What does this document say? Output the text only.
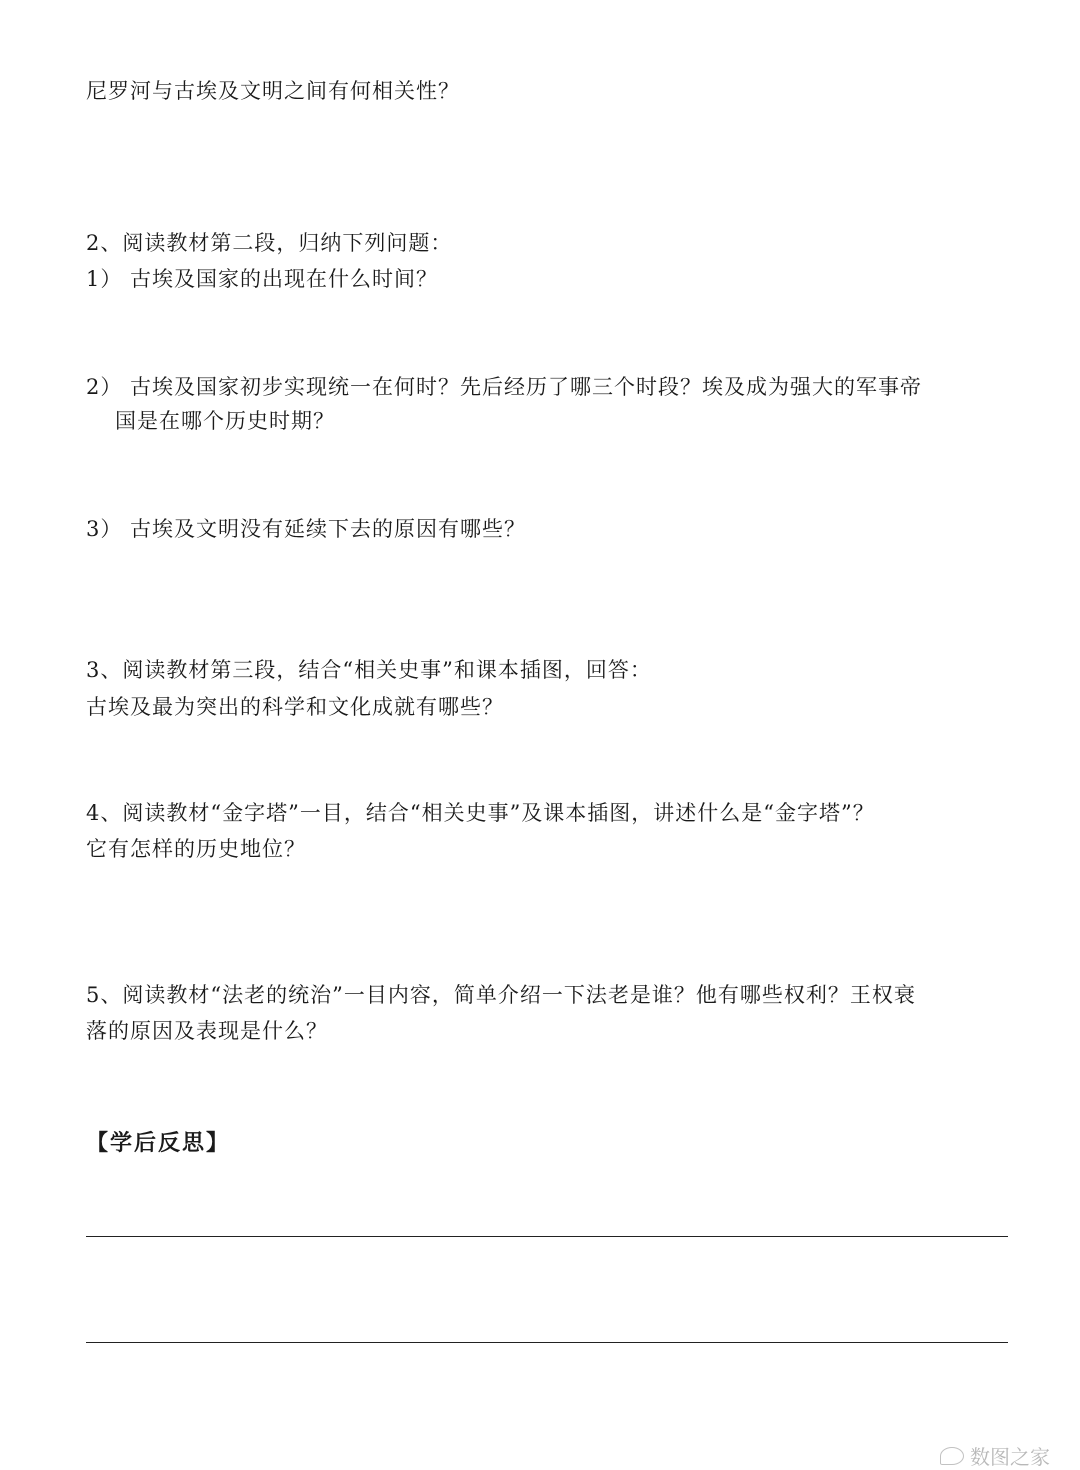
尼罗河与古埃及文明之间有何相关性？
2、阅读教材第二段，归纳下列问题：
1） 古埃及国家的出现在什么时间？
2） 古埃及国家初步实现统一在何时？先后经历了哪三个时段？埃及成为强大的军事帝
国是在哪个历史时期？
3） 古埃及文明没有延续下去的原因有哪些？
3、阅读教材第三段，结合“相关史事”和课本插图，回答：
古埃及最为突出的科学和文化成就有哪些？
4、阅读教材“金字塔”一目，结合“相关史事”及课本插图，讲述什么是“金字塔”？
它有怎样的历史地位？
5、阅读教材“法老的统治”一目内容，简单介绍一下法老是谁？他有哪些权利？王权衰
落的原因及表现是什么？
【学后反思】
数图之家
